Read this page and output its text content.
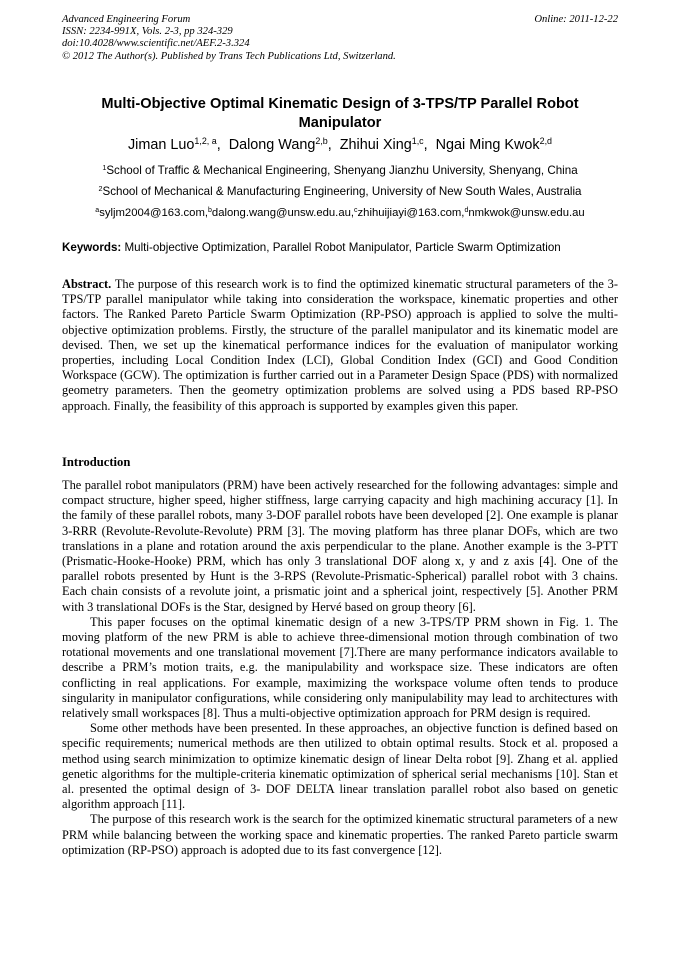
Advanced Engineering Forum
ISSN: 2234-991X, Vols. 2-3, pp 324-329
doi:10.4028/www.scientific.net/AEF.2-3.324
© 2012 The Author(s). Published by Trans Tech Publications Ltd, Switzerland.
Online: 2011-12-22
Multi-Objective Optimal Kinematic Design of 3-TPS/TP Parallel Robot Manipulator
Jiman Luo$^{1,2, a}$,  Dalong Wang$^{2,b}$,  Zhihui Xing$^{1,c}$,  Ngai Ming Kwok$^{2,d}$
$^1$School of Traffic & Mechanical Engineering, Shenyang Jianzhu University, Shenyang, China
$^2$School of Mechanical & Manufacturing Engineering, University of New South Wales, Australia
$^a$syljm2004@163.com,$^b$dalong.wang@unsw.edu.au,$^c$zhihuijiayi@163.com,$^d$nmkwok@unsw.edu.au
Keywords: Multi-objective Optimization, Parallel Robot Manipulator, Particle Swarm Optimization
Abstract. The purpose of this research work is to find the optimized kinematic structural parameters of the 3-TPS/TP parallel manipulator while taking into consideration the workspace, kinematic properties and other factors. The Ranked Pareto Particle Swarm Optimization (RP-PSO) approach is applied to solve the multi-objective optimization problems. Firstly, the structure of the parallel manipulator and its kinematic model are devised. Then, we set up the kinematical performance indices for the evaluation of manipulator working properties, including Local Condition Index (LCI), Global Condition Index (GCI) and Good Condition Workspace (GCW). The optimization is further carried out in a Parameter Design Space (PDS) with normalized geometry parameters. Then the geometry optimization problems are solved using a PDS based RP-PSO approach. Finally, the feasibility of this approach is supported by examples given this paper.
Introduction

The parallel robot manipulators (PRM) have been actively researched for the following advantages: simple and compact structure, higher speed, higher stiffness, large carrying capacity and high machining accuracy [1]. In the family of these parallel robots, many 3-DOF parallel robots have been developed [2]. One example is planar 3-RRR (Revolute-Revolute-Revolute) PRM [3]. The moving platform has three planar DOFs, which are two translations in a plane and rotation around the axis perpendicular to the plane. Another example is the 3-PTT (Prismatic-Hooke-Hooke) PRM, which has only 3 translational DOF along x, y and z axis [4]. One of the parallel robots presented by Hunt is the 3-RPS (Revolute-Prismatic-Spherical) parallel robot with 3 chains. Each chain consists of a revolute joint, a prismatic joint and a spherical joint, respectively [5]. Another PRM with 3 translational DOFs is the Star, designed by Hervé based on group theory [6].

This paper focuses on the optimal kinematic design of a new 3-TPS/TP PRM shown in Fig. 1. The moving platform of the new PRM is able to achieve three-dimensional motion through combination of two rotational movements and one translational movement [7].There are many performance indicators available to describe a PRM’s motion traits, e.g. the manipulability and workspace size. These indicators are often conflicting in real applications. For example, maximizing the workspace volume often tends to produce singularity in manipulator configurations, while considering only manipulability may lead to architectures with relatively small workspaces [8]. Thus a multi-objective optimization approach for PRM design is required.

Some other methods have been presented. In these approaches, an objective function is defined based on specific requirements; numerical methods are then utilized to obtain optimal results. Stock et al. proposed a method using search minimization to optimize kinematic design of linear Delta robot [9]. Zhang et al. applied genetic algorithms for the multiple-criteria kinematic optimization of spherical serial mechanisms [10]. Stan et al. presented the optimal design of 3- DOF DELTA linear translation parallel robot also based on genetic algorithm approach [11].

The purpose of this research work is the search for the optimized kinematic structural parameters of a new PRM while balancing between the working space and kinematic properties. The ranked Pareto particle swarm optimization (RP-PSO) approach is adopted due to its fast convergence [12].
